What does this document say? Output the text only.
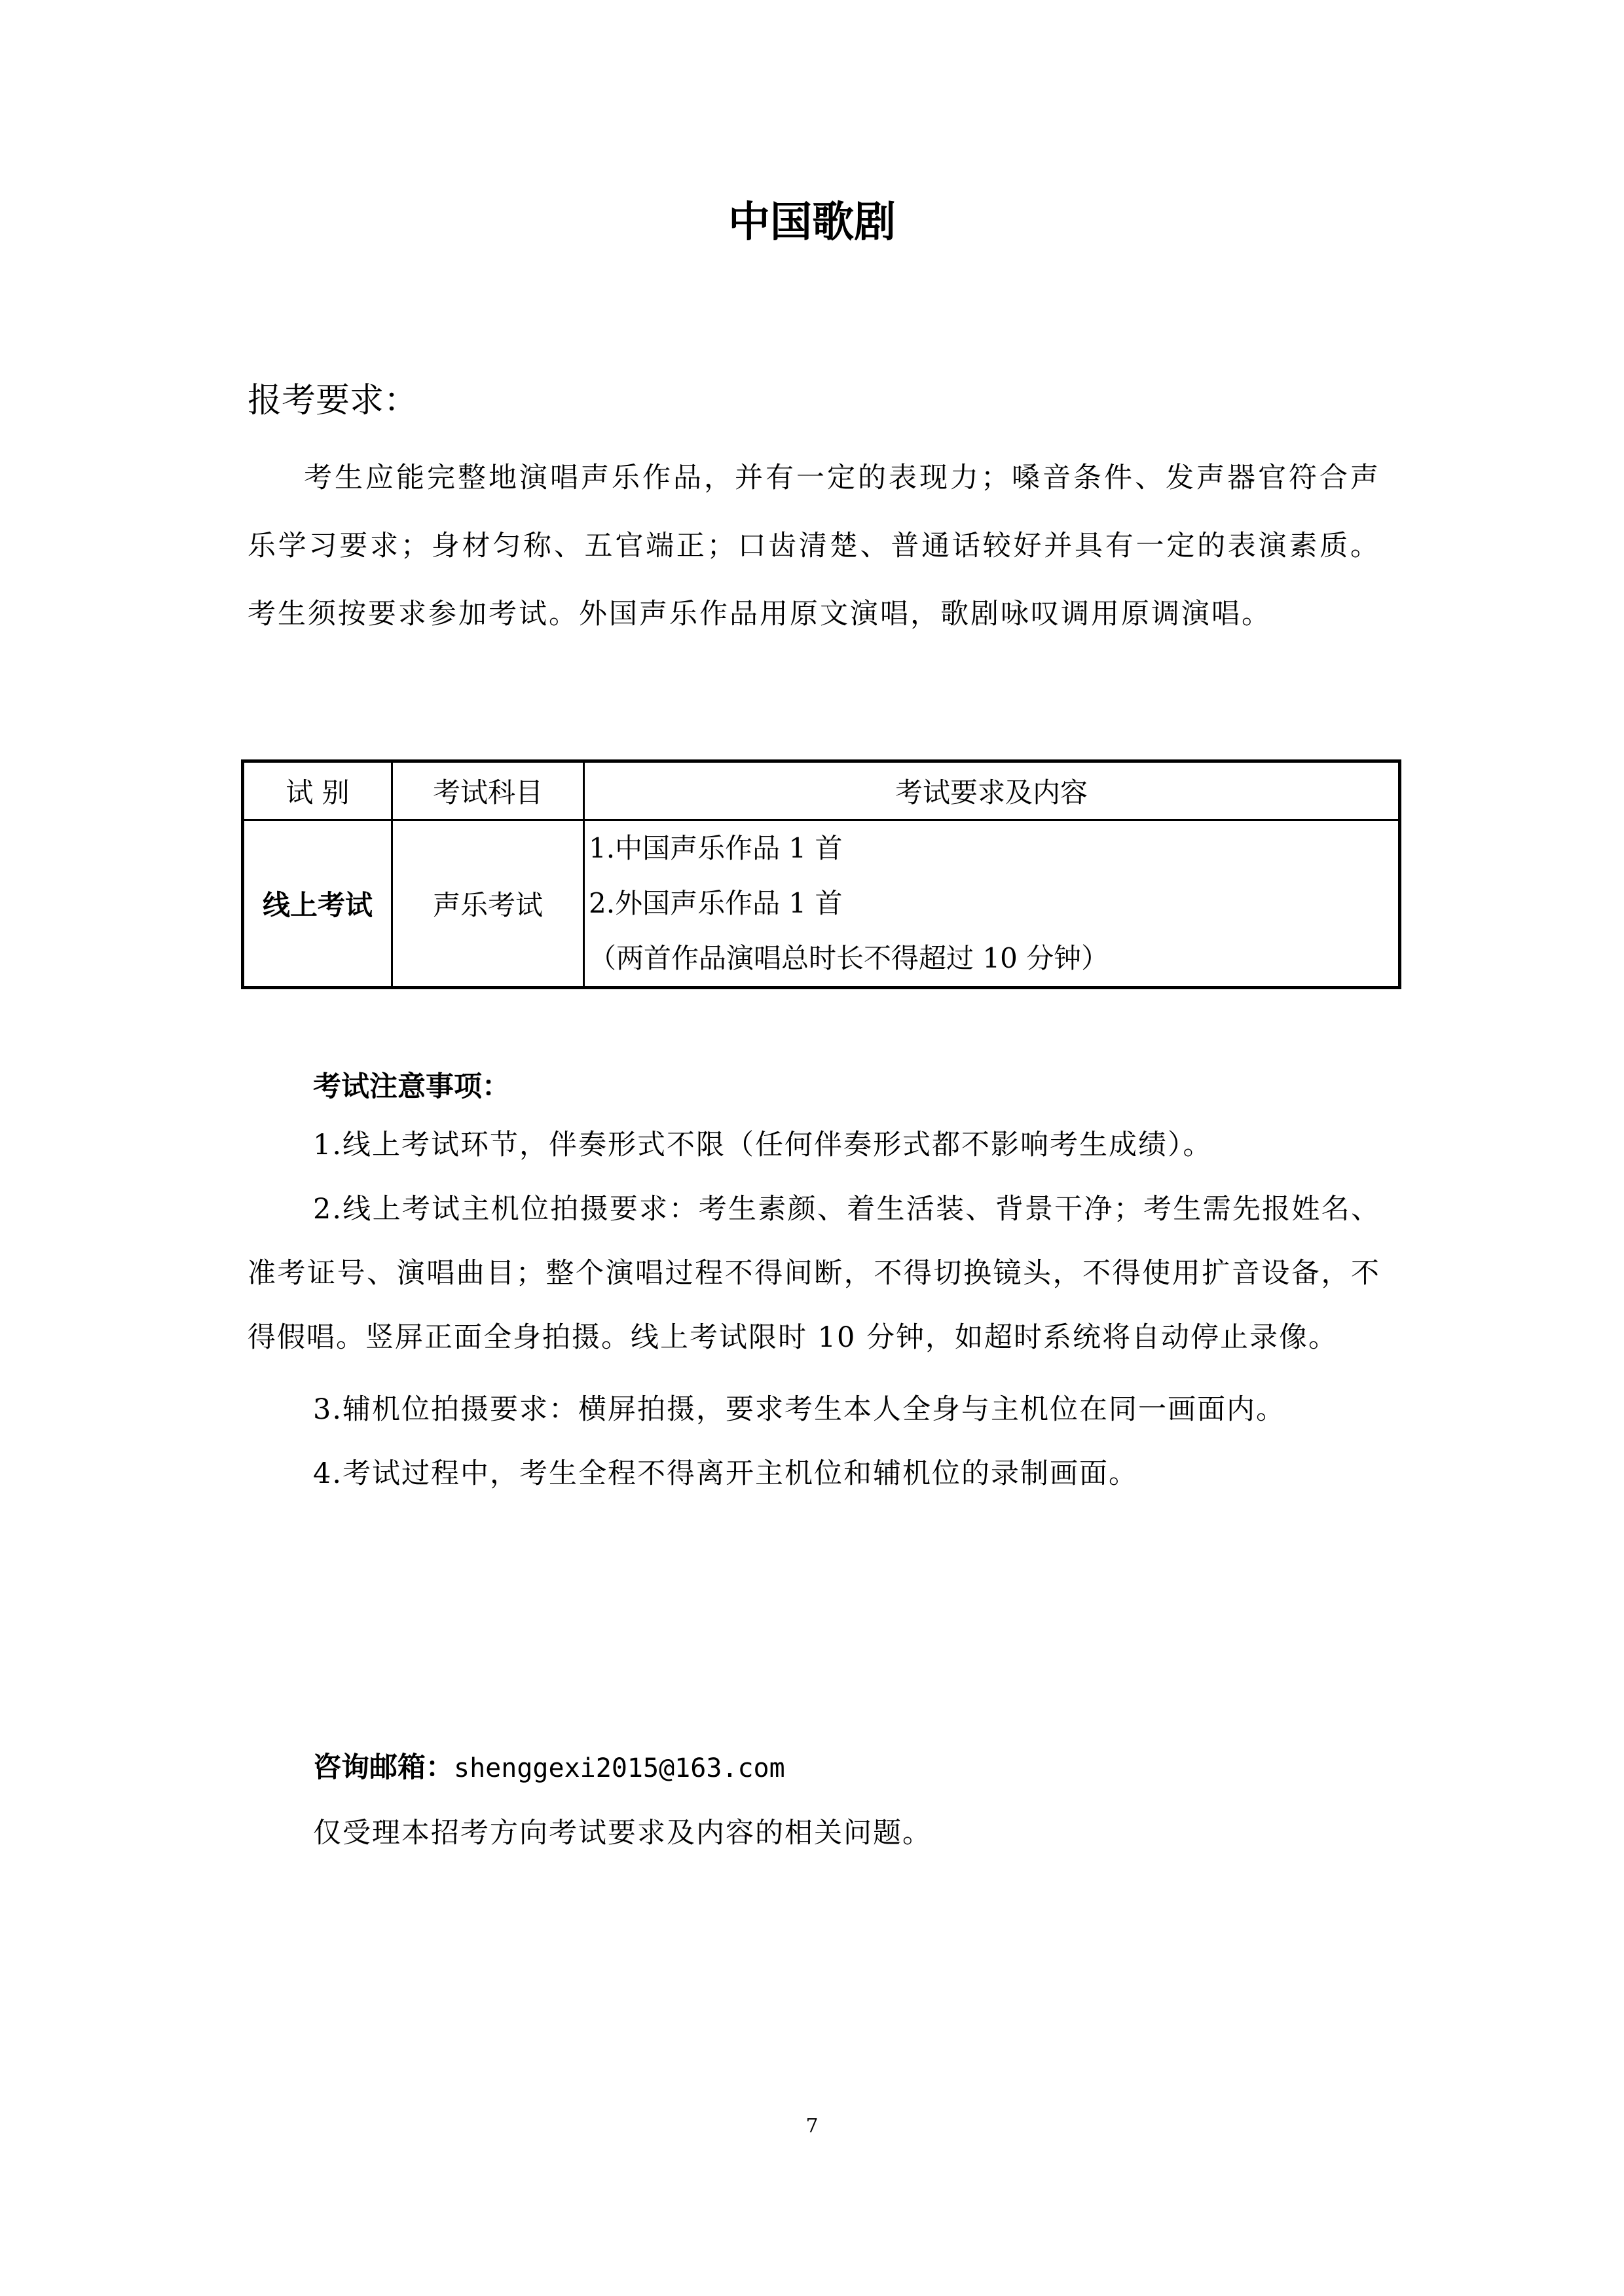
中国歌剧
报考要求：

考生应能完整地演唱声乐作品，并有一定的表现力；嗓音条件、发声器官符合声乐学习要求；身材匀称、五官端正；口齿清楚、普通话较好并具有一定的表演素质。考生须按要求参加考试。外国声乐作品用原文演唱，歌剧咏叹调用原调演唱。

试 别	考试科目	考试要求及内容
线上考试	声乐考试	1.中国声乐作品 1 首
2.外国声乐作品 1 首
（两首作品演唱总时长不得超过 10 分钟）
考试注意事项：
1.线上考试环节，伴奏形式不限（任何伴奏形式都不影响考生成绩）。
2.线上考试主机位拍摄要求：考生素颜、着生活装、背景干净；考生需先报姓名、准考证号、演唱曲目；整个演唱过程不得间断，不得切换镜头，不得使用扩音设备，不得假唱。竖屏正面全身拍摄。线上考试限时 10 分钟，如超时系统将自动停止录像。
3.辅机位拍摄要求：横屏拍摄，要求考生本人全身与主机位在同一画面内。
4.考试过程中，考生全程不得离开主机位和辅机位的录制画面。
咨询邮箱：shenggexi2015@163.com
仅受理本招考方向考试要求及内容的相关问题。
7
